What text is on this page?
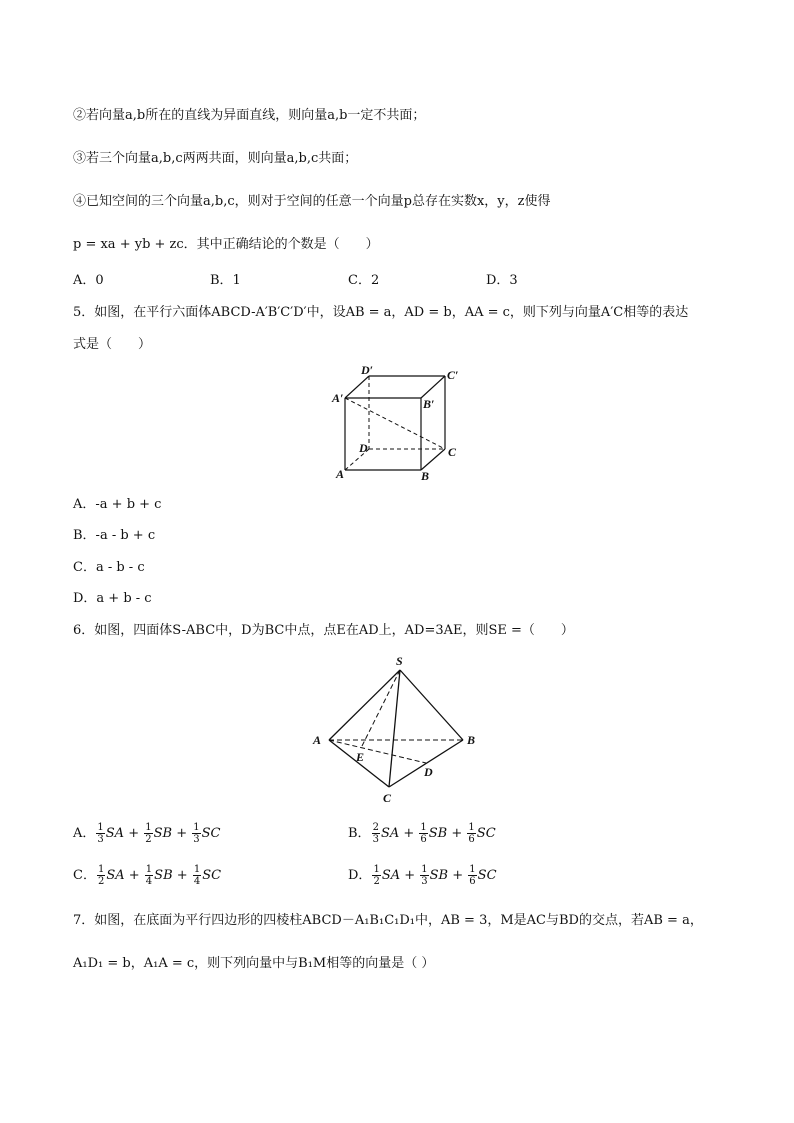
②若向量a,b所在的直线为异面直线，则向量a,b一定不共面；
③若三个向量a,b,c两两共面，则向量a,b,c共面；
④已知空间的三个向量a,b,c，则对于空间的任意一个向量p总存在实数x，y，z使得
p = xa + yb + zc．其中正确结论的个数是（　　）
A．0	B．1	C．2	D．3
5．如图，在平行六面体ABCD-A′B′C′D′中，设AB = a，AD = b，AA = c，则下列与向量A′C相等的表达
式是（　　）
D′	C′
A′	B′
D	C
A	B
A．-a + b + c
B．-a - b + c
C．a - b - c
D．a + b - c
6．如图，四面体S-ABC中，D为BC中点，点E在AD上，AD=3AE，则SE =（　　）
S
A	B
E
D
C
A． $\frac{1}{3}$ SA + $\frac{1}{2}$ SB + $\frac{1}{3}$ SC	B． $\frac{2}{3}$ SA + $\frac{1}{6}$ SB + $\frac{1}{6}$ SC
C． $\frac{1}{2}$ SA + $\frac{1}{4}$ SB + $\frac{1}{4}$ SC	D． $\frac{1}{2}$ SA + $\frac{1}{3}$ SB + $\frac{1}{6}$ SC
7．如图，在底面为平行四边形的四棱柱ABCD－A₁B₁C₁D₁中，AB = 3，M是AC与BD的交点，若AB = a，
A₁D₁ = b，A₁A = c，则下列向量中与B₁M相等的向量是（ ）
